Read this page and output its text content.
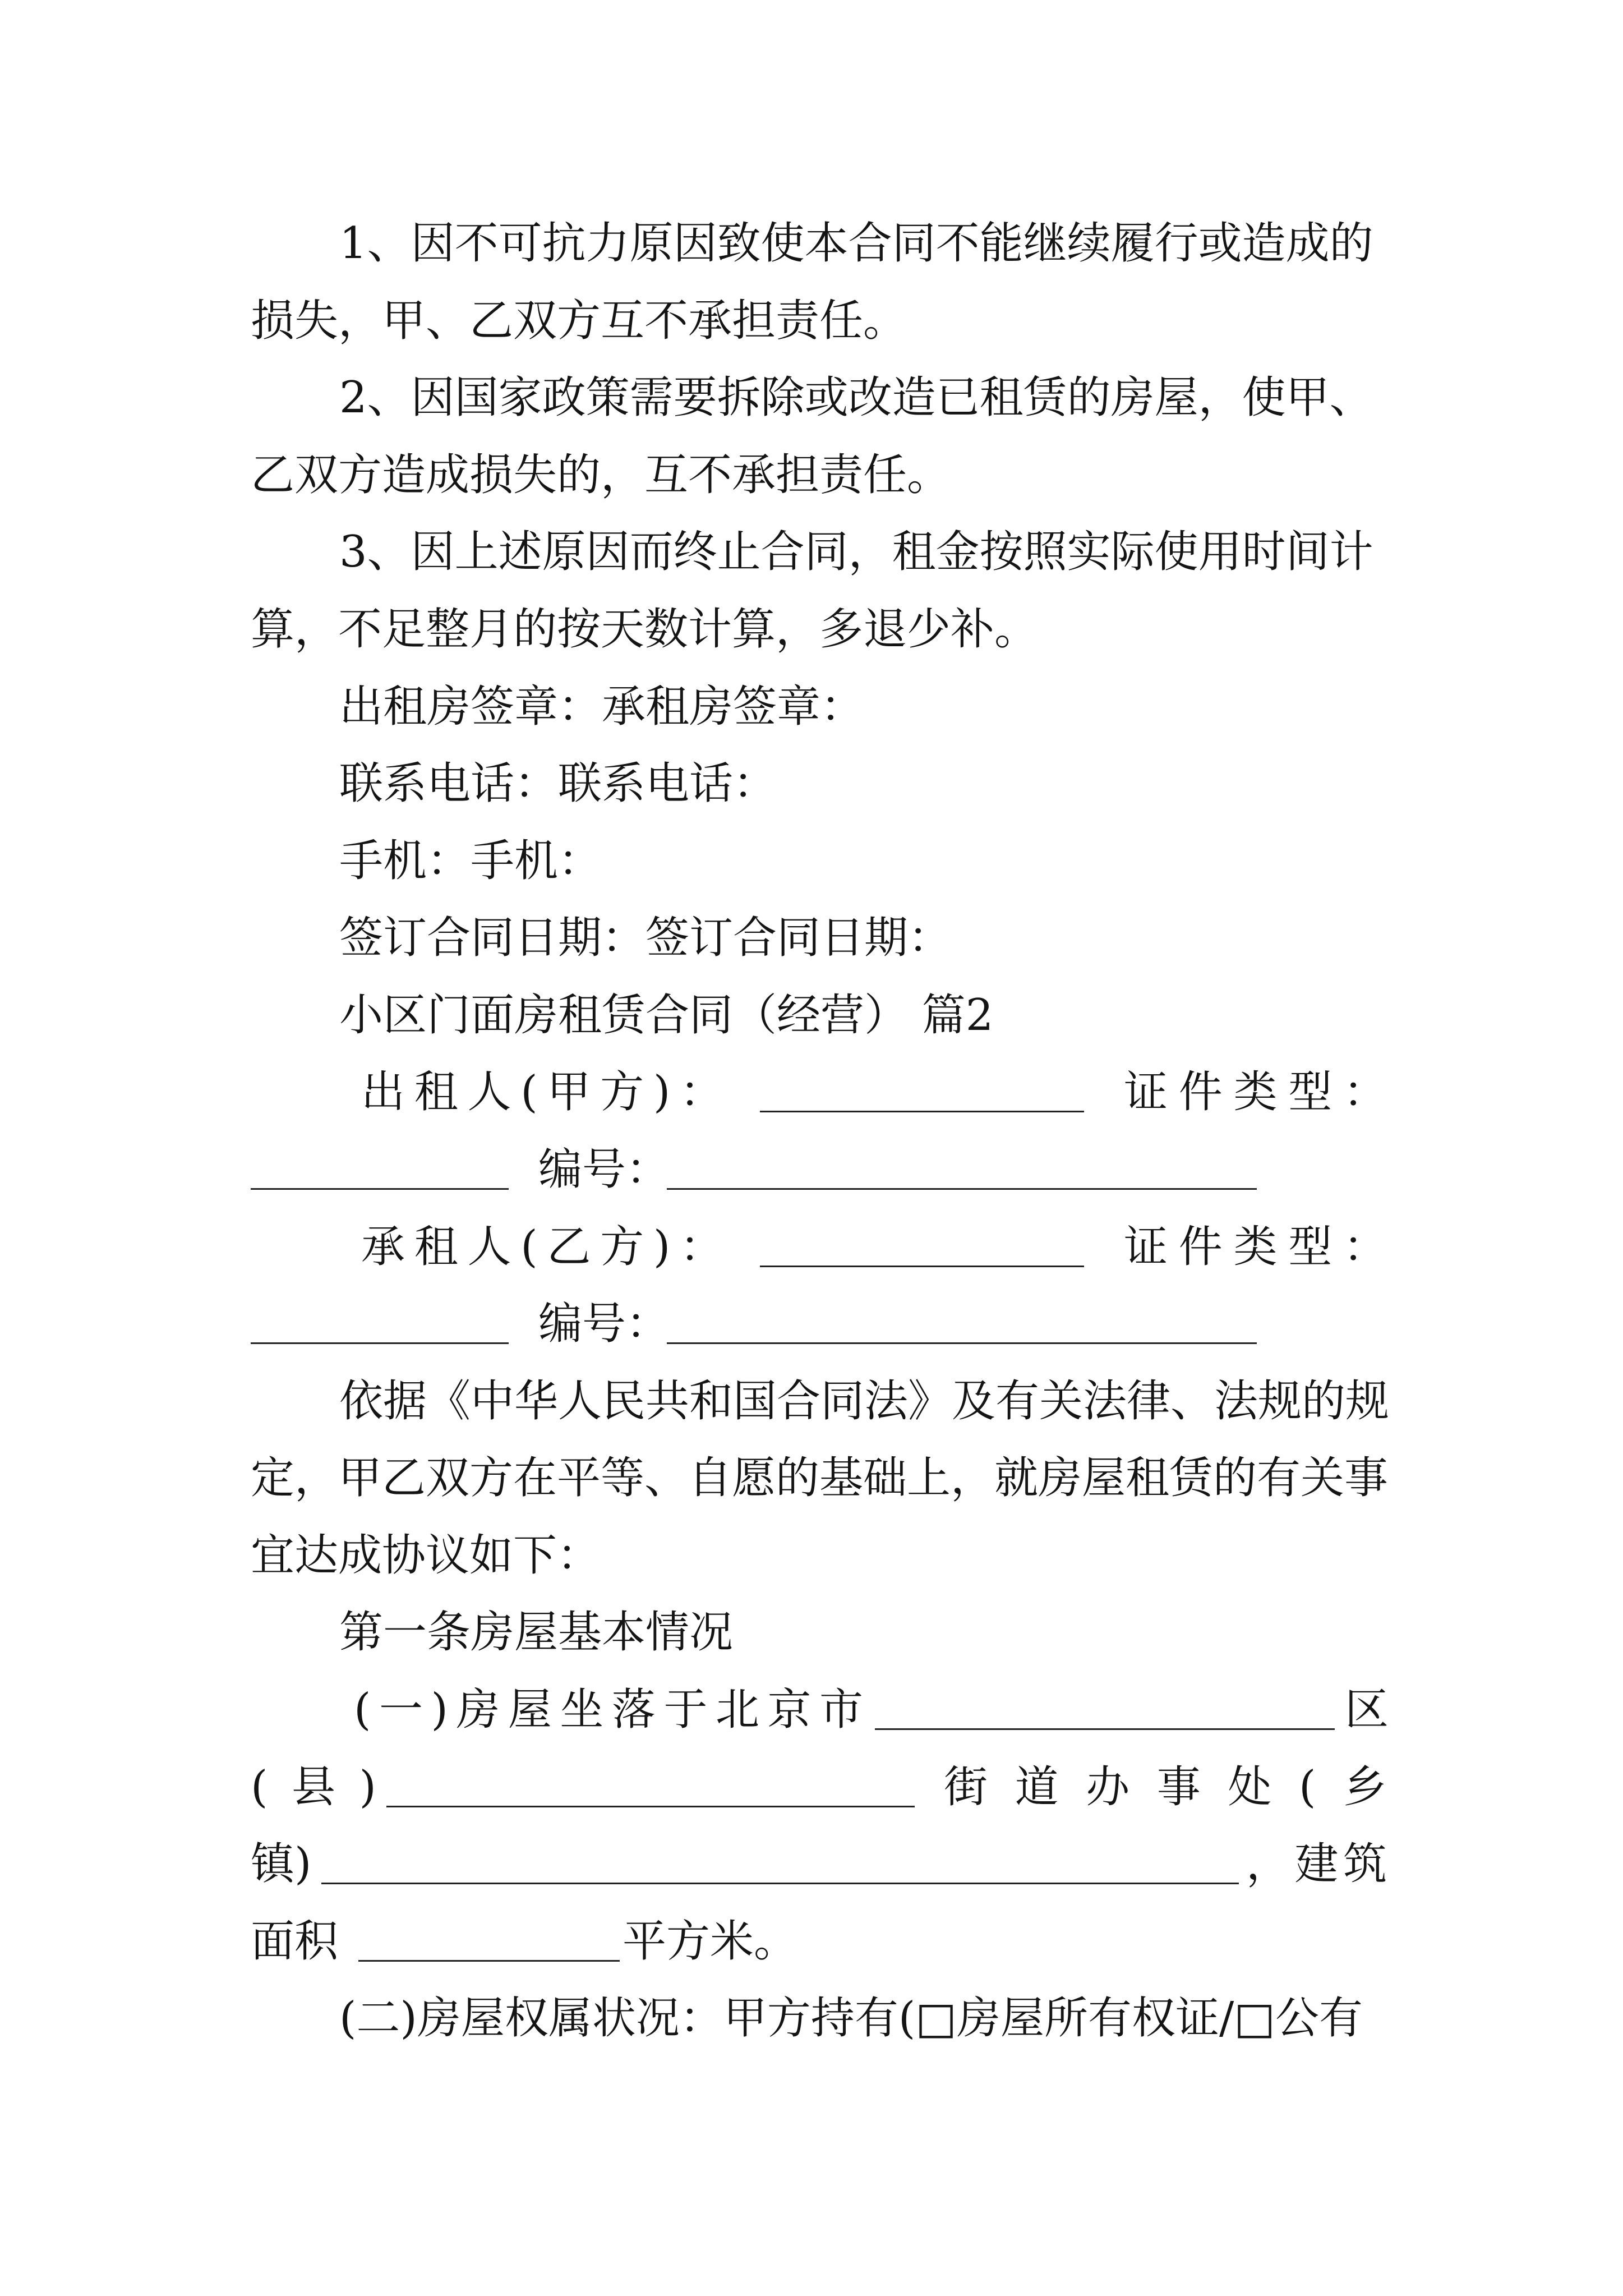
1、因不可抗力原因致使本合同不能继续履行或造成的
损失，甲、乙双方互不承担责任。
2、因国家政策需要拆除或改造已租赁的房屋，使甲、
乙双方造成损失的，互不承担责任。
3、因上述原因而终止合同，租金按照实际使用时间计
算，不足整月的按天数计算，多退少补。
出租房签章：承租房签章：
联系电话：联系电话：
手机：手机：
签订合同日期：签订合同日期：
小区门面房租赁合同（经营） 篇2
出租人(甲方)：	证件类型：
编号：
承租人(乙方)：	证件类型：
编号：
依据《中华人民共和国合同法》及有关法律、法规的规
定，甲乙双方在平等、自愿的基础上，就房屋租赁的有关事
宜达成协议如下：
第一条房屋基本情况
(一)房屋坐落于北京市	区
(县)	街道办事处(乡
镇)	，建筑
面积	平方米。
(二)房屋权属状况：甲方持有(□房屋所有权证/□公有
